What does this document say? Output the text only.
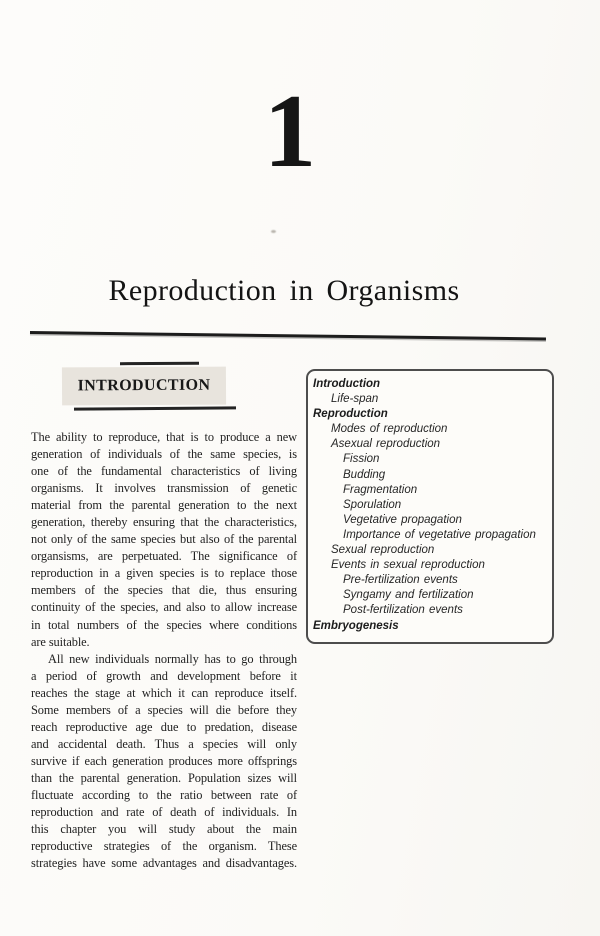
1
Reproduction in Organisms
INTRODUCTION
The ability to reproduce, that is to produce a new
generation of individuals of the same species, is
one of the fundamental characteristics of living
organisms. It involves transmission of genetic
material from the parental generation to the next
generation, thereby ensuring that the characteristics,
not only of the same species but also of the parental
organsisms, are perpetuated. The significance of
reproduction in a given species is to replace those
members of the species that die, thus ensuring
continuity of the species, and also to allow increase
in total numbers of the species where conditions
are suitable.
All new individuals normally has to go through
a period of growth and development before it
reaches the stage at which it can reproduce itself.
Some members of a species will die before they
reach reproductive age due to predation, disease
and accidental death. Thus a species will only
survive if each generation produces more offsprings
than the parental generation. Population sizes will
fluctuate according to the ratio between rate of
reproduction and rate of death of individuals. In
this chapter you will study about the main
reproductive strategies of the organism. These
strategies have some advantages and disadvantages.
Introduction
Life-span
Reproduction
Modes of reproduction
Asexual reproduction
Fission
Budding
Fragmentation
Sporulation
Vegetative propagation
Importance of vegetative propagation
Sexual reproduction
Events in sexual reproduction
Pre-fertilization events
Syngamy and fertilization
Post-fertilization events
Embryogenesis
